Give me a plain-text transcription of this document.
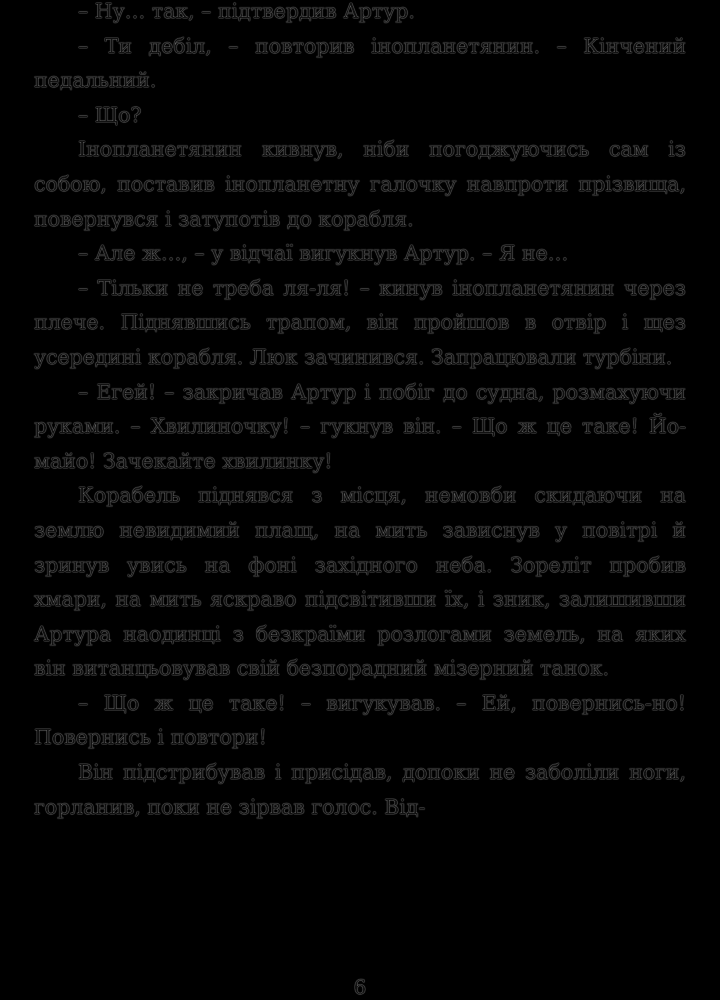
– Ну… так, – підтвердив Артур.

– Ти дебіл, – повторив інопланетянин. – Кінчений педальний.

– Що?

Інопланетянин кивнув, ніби погоджуючись сам із собою, поставив інопланетну галочку навпроти прізвища, повернувся і затупотів до корабля.

– Але ж…, – у відчаї вигукнув Артур. – Я не…

– Тільки не треба ля-ля! – кинув інопланетянин через плече. Піднявшись трапом, він пройшов в отвір і щез усередині корабля. Люк зачинився. Запрацювали турбіни.

– Егей! – закричав Артур і побіг до судна, розмахуючи руками. – Хвилиночку! – гукнув він. – Що ж це таке! Йо-майо! Зачекайте хвилинку!

Корабель піднявся з місця, немовби скидаючи на землю невидимий плащ, на мить зависнув у повітрі й зринув увись на фоні західного неба. Зореліт пробив хмари, на мить яскраво підсвітивши їх, і зник, залишивши Артура наодинці з безкраїми розлогами земель, на яких він витанцьовував свій безпорадний мізерний танок.

– Що ж це таке! – вигукував. – Ей, повернись-но! Повернись і повтори!

Він підстрибував і присідав, допоки не заболіли ноги, горланив, поки не зірвав голос. Від-

6
